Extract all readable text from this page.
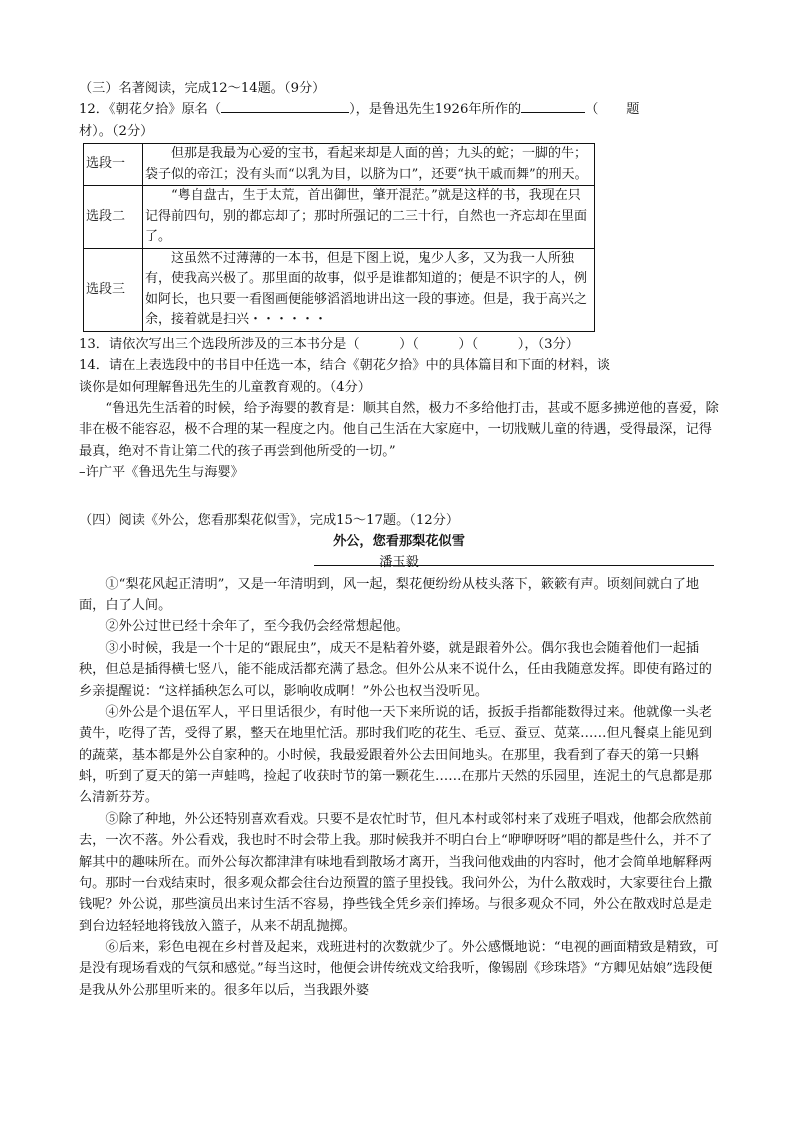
（三）名著阅读，完成12～14题。（9分）
12．《朝花夕拾》原名（	），是鲁迅先生1926年所作的	（ 题
材）。（2分）
选段一	　　但那是我最为心爱的宝书，看起来却是人面的兽；九头的蛇；一脚的牛；袋子似的帝江；没有头而“以乳为目，以脐为口”，还要“执干戚而舞”的刑天。
选段二	　　“粤自盘古，生于太荒，首出御世，肇开混茫。”就是这样的书，我现在只记得前四句，别的都忘却了；那时所强记的二三十行，自然也一齐忘却在里面了。
选段三	　　这虽然不过薄薄的一本书，但是下图上说，鬼少人多，又为我一人所独有，使我高兴极了。那里面的故事，似乎是谁都知道的；便是不识字的人，例如阿长，也只要一看图画便能够滔滔地讲出这一段的事迹。但是，我于高兴之余，接着就是扫兴・・・・・・
13．请依次写出三个选段所涉及的三本书分是（　　　）（　　　）（　　　），（3分）
14．请在上表选段中的书目中任选一本，结合《朝花夕拾》中的具体篇目和下面的材料，谈
谈你是如何理解鲁迅先生的儿童教育观的。（4分）
“鲁迅先生活着的时候，给予海婴的教育是：顺其自然，极力不多给他打击，甚或不愿多拂逆他的喜爱，除非在极不能容忍，极不合理的某一程度之内。他自己生活在大家庭中，一切戕贼儿童的待遇，受得最深，记得最真，绝对不肯让第二代的孩子再尝到他所受的一切。”
–许广平《鲁迅先生与海婴》
（四）阅读《外公，您看那梨花似雪》，完成15～17题。（12分）
外公，您看那梨花似雪
潘玉毅
①“梨花风起正清明”，又是一年清明到，风一起，梨花便纷纷从枝头落下，簌簌有声。顷刻间就白了地面，白了人间。
②外公过世已经十余年了，至今我仍会经常想起他。
③小时候，我是一个十足的“跟屁虫”，成天不是粘着外婆，就是跟着外公。偶尔我也会随着他们一起插秧，但总是插得横七竖八，能不能成活都充满了悬念。但外公从来不说什么，任由我随意发挥。即使有路过的乡亲提醒说：“这样插秧怎么可以，影响收成啊！”外公也权当没听见。
④外公是个退伍军人，平日里话很少，有时他一天下来所说的话，扳扳手指都能数得过来。他就像一头老黄牛，吃得了苦，受得了累，整天在地里忙活。那时我们吃的花生、毛豆、蚕豆、苋菜……但凡餐桌上能见到的蔬菜，基本都是外公自家种的。小时候，我最爱跟着外公去田间地头。在那里，我看到了春天的第一只蝌蚪，听到了夏天的第一声蛙鸣，捡起了收获时节的第一颗花生……在那片天然的乐园里，连泥土的气息都是那么清新芬芳。
⑤除了种地，外公还特别喜欢看戏。只要不是农忙时节，但凡本村或邻村来了戏班子唱戏，他都会欣然前去，一次不落。外公看戏，我也时不时会带上我。那时候我并不明白台上“咿咿呀呀”唱的都是些什么，并不了解其中的趣味所在。而外公每次都津津有味地看到散场才离开，当我问他戏曲的内容时，他才会简单地解释两句。那时一台戏结束时，很多观众都会往台边预置的篮子里投钱。我问外公，为什么散戏时，大家要往台上撒钱呢？外公说，那些演员出来讨生活不容易，挣些钱全凭乡亲们捧场。与很多观众不同，外公在散戏时总是走到台边轻轻地将钱放入篮子，从来不胡乱抛掷。
⑥后来，彩色电视在乡村普及起来，戏班进村的次数就少了。外公感慨地说：“电视的画面精致是精致，可是没有现场看戏的气氛和感觉。”每当这时，他便会讲传统戏文给我听，像锡剧《珍珠塔》“方卿见姑娘”选段便是我从外公那里听来的。很多年以后，当我跟外婆
